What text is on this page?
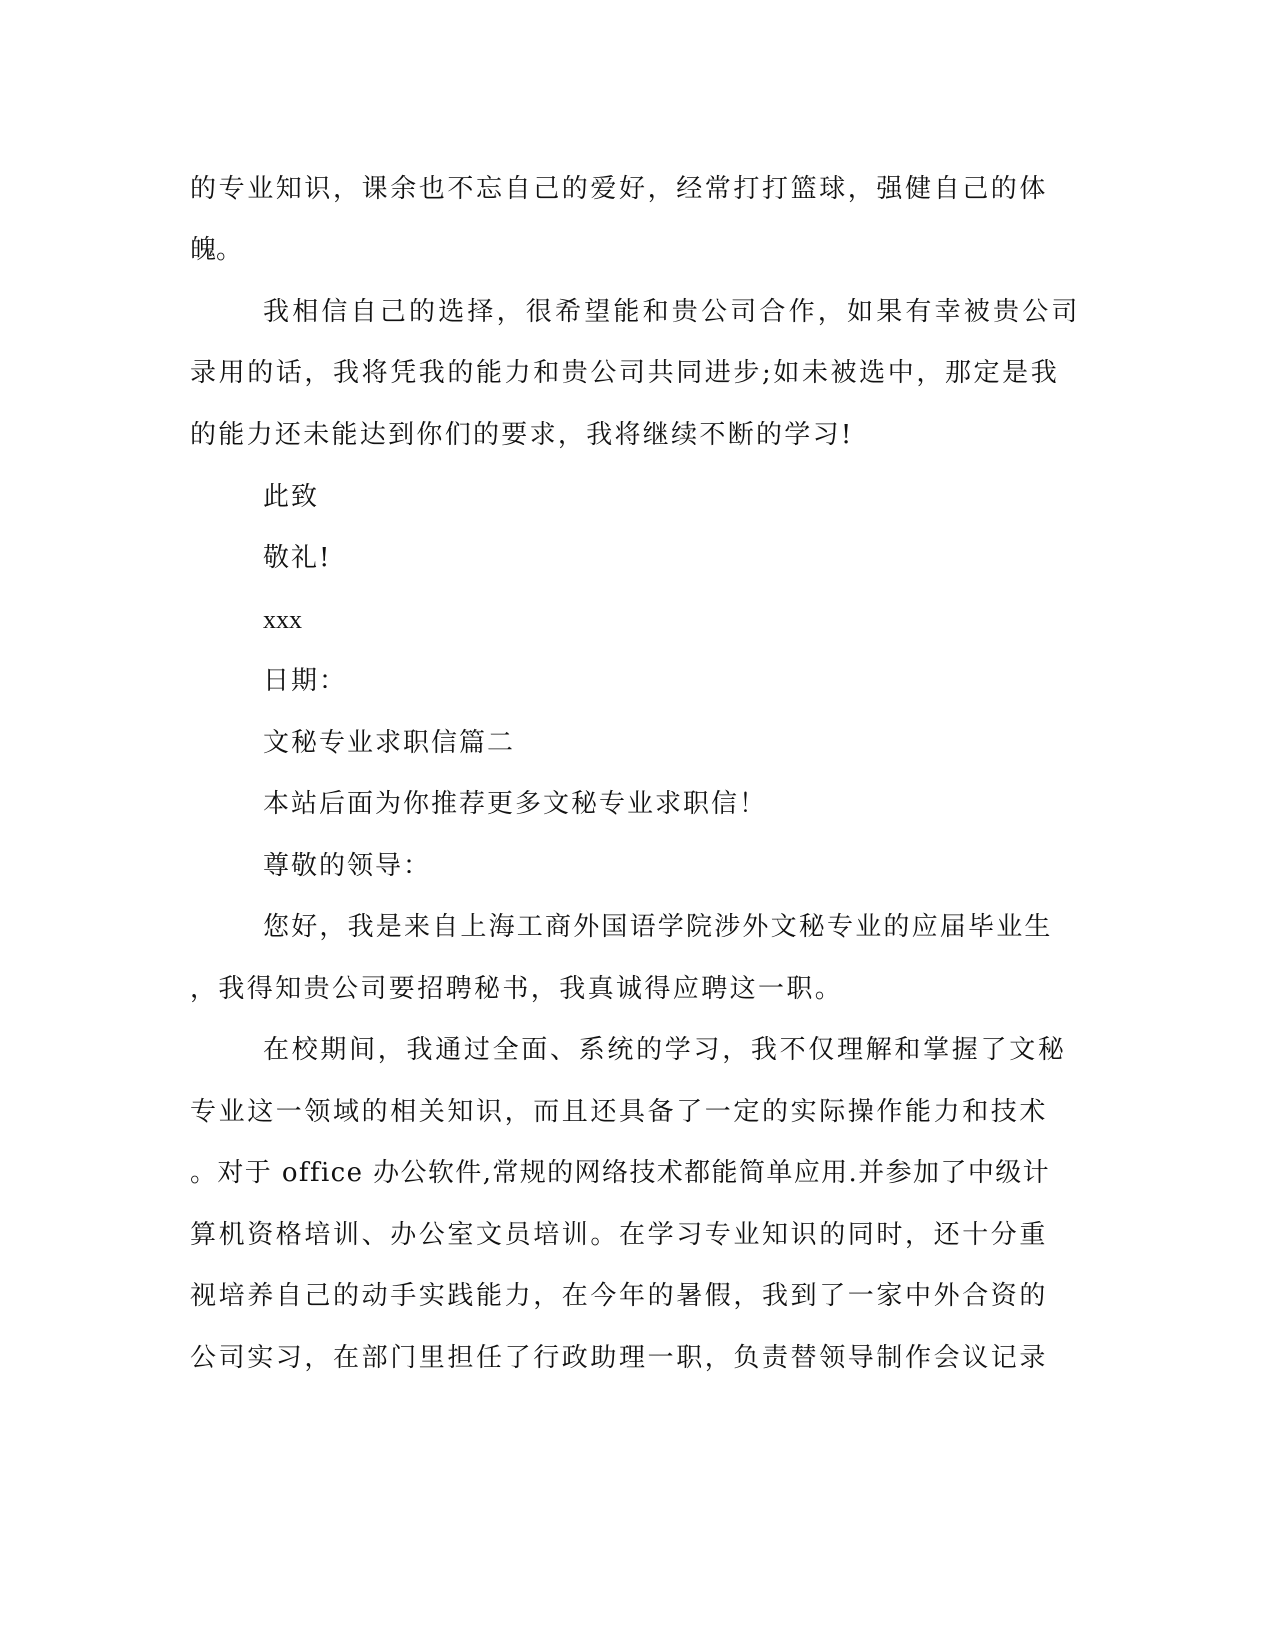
的专业知识，课余也不忘自己的爱好，经常打打篮球，强健自己的体
魄。
我相信自己的选择，很希望能和贵公司合作，如果有幸被贵公司
录用的话，我将凭我的能力和贵公司共同进步;如未被选中，那定是我
的能力还未能达到你们的要求，我将继续不断的学习!
此致
敬礼!
xxx
日期：
文秘专业求职信篇二
本站后面为你推荐更多文秘专业求职信！
尊敬的领导：
您好，我是来自上海工商外国语学院涉外文秘专业的应届毕业生
，我得知贵公司要招聘秘书，我真诚得应聘这一职。
在校期间，我通过全面、系统的学习，我不仅理解和掌握了文秘
专业这一领域的相关知识，而且还具备了一定的实际操作能力和技术
。对于 office 办公软件,常规的网络技术都能简单应用.并参加了中级计
算机资格培训、办公室文员培训。在学习专业知识的同时，还十分重
视培养自己的动手实践能力，在今年的暑假，我到了一家中外合资的
公司实习，在部门里担任了行政助理一职，负责替领导制作会议记录
